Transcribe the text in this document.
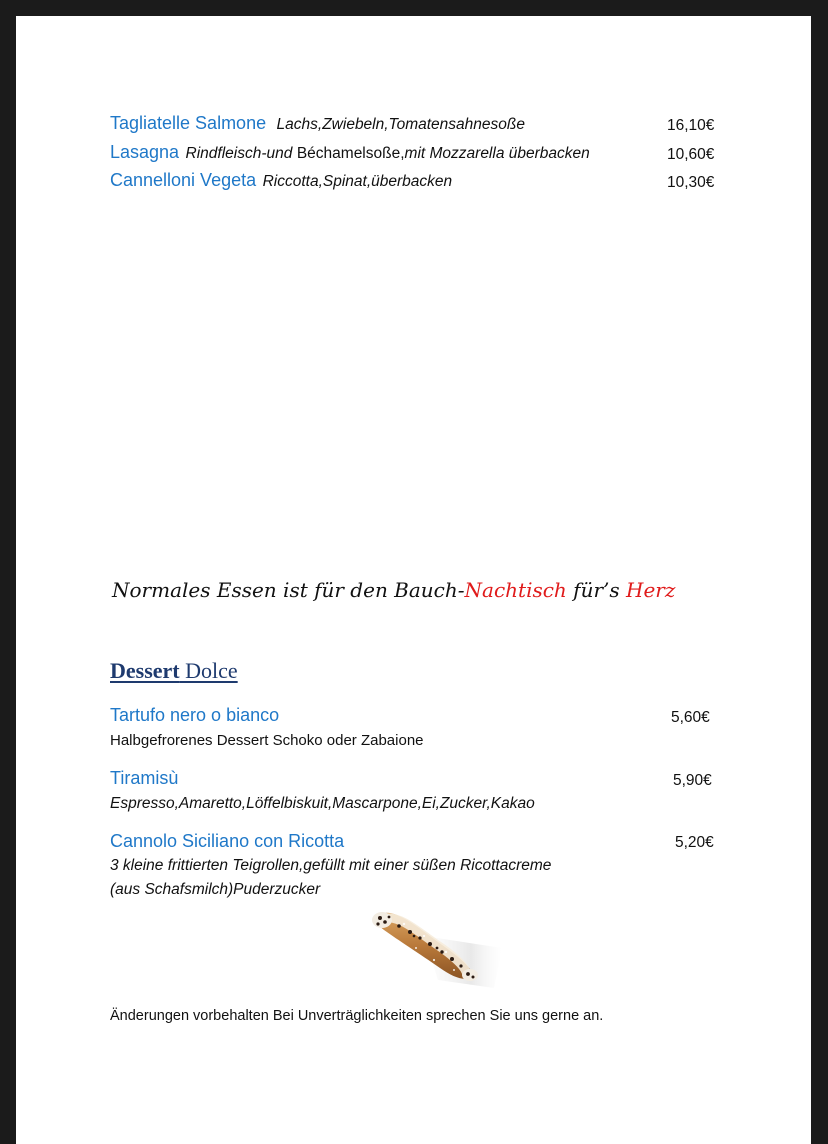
Tagliatelle Salmone Lachs,Zwiebeln,Tomatensahnesoße	16,10€
Lasagna Rindfleisch-und Béchamelsoße,mit Mozzarella überbacken	10,60€
Cannelloni Vegeta Riccotta,Spinat,überbacken	10,30€
Normales Essen ist für den Bauch-Nachtisch für’s Herz
Dessert Dolce
Tartufo nero o bianco	5,60€
Halbgefrorenes Dessert Schoko oder Zabaione
Tiramisù	5,90€
Espresso,Amaretto,Löffelbiskuit,Mascarpone,Ei,Zucker,Kakao
Cannolo Siciliano con Ricotta	5,20€
3 kleine frittierten Teigrollen,gefüllt mit einer süßen Ricottacreme
(aus Schafsmilch)Puderzucker
Änderungen vorbehalten Bei Unverträglichkeiten sprechen Sie uns gerne an.
